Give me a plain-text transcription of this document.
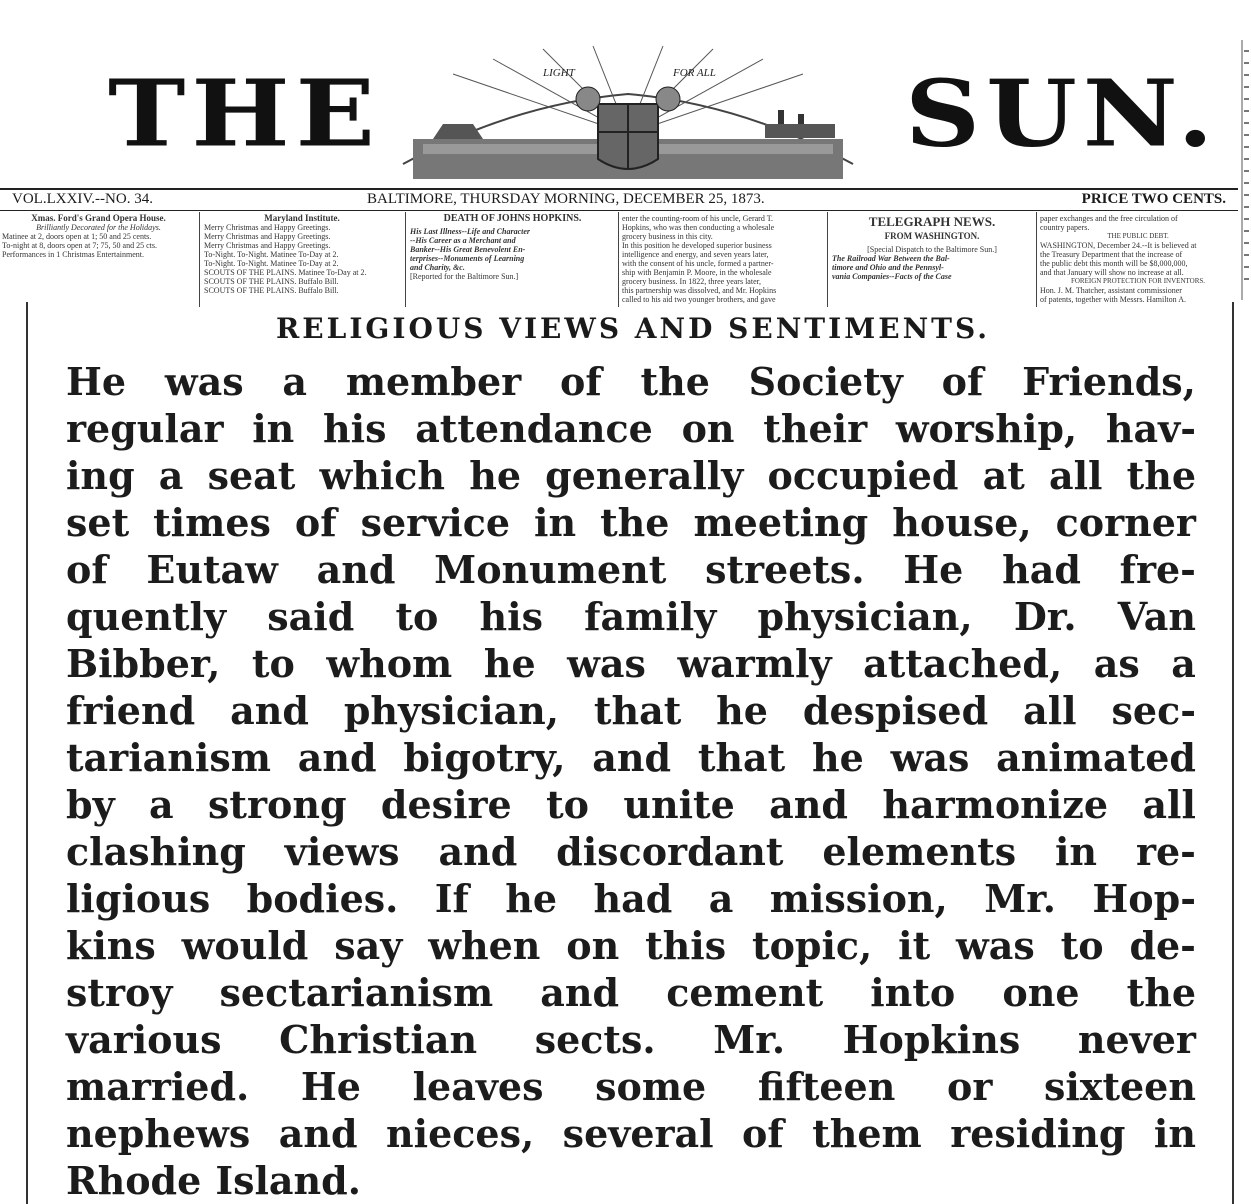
THE	LIGHT	FOR ALL SUN.
VOL.LXXIV.--NO. 34.	BALTIMORE, THURSDAY MORNING, DECEMBER 25, 1873.	PRICE TWO CENTS.
Xmas. Ford's Grand Opera House.
Brilliantly Decorated for the Holidays.
Matinee at 2, doors open at 1; 50 and 25 cents.
To-night at 8, doors open at 7; 75, 50 and 25 cts.
Performances in 1 Christmas Entertainment.
Maryland Institute.
Merry Christmas and Happy Greetings.
Merry Christmas and Happy Greetings.
Merry Christmas and Happy Greetings.
To-Night. To-Night. Matinee To-Day at 2.
To-Night. To-Night. Matinee To-Day at 2.
SCOUTS OF THE PLAINS. Matinee To-Day at 2.
SCOUTS OF THE PLAINS. Buffalo Bill.
SCOUTS OF THE PLAINS. Buffalo Bill.
DEATH OF JOHNS HOPKINS.
His Last Illness--Life and Character
--His Career as a Merchant and
Banker--His Great Benevolent En-
terprises--Monuments of Learning
and Charity, &c.
[Reported for the Baltimore Sun.]
enter the counting-room of his uncle, Gerard T.
Hopkins, who was then conducting a wholesale
grocery business in this city.
In this position he developed superior business
intelligence and energy, and seven years later,
with the consent of his uncle, formed a partner-
ship with Benjamin P. Moore, in the wholesale
grocery business. In 1822, three years later,
this partnership was dissolved, and Mr. Hopkins
called to his aid two younger brothers, and gave
TELEGRAPH NEWS.
FROM WASHINGTON.
[Special Dispatch to the Baltimore Sun.]
The Railroad War Between the Bal-
timore and Ohio and the Pennsyl-
vania Companies--Facts of the Case
paper exchanges and the free circulation of
country papers.
THE PUBLIC DEBT.
WASHINGTON, December 24.--It is believed at
the Treasury Department that the increase of
the public debt this month will be $8,000,000,
and that January will show no increase at all.
FOREIGN PROTECTION FOR INVENTORS.
Hon. J. M. Thatcher, assistant commissioner
of patents, together with Messrs. Hamilton A.
RELIGIOUS VIEWS AND SENTIMENTS.
He was a member of the Society of Friends,
regular in his attendance on their worship, hav-
ing a seat which he generally occupied at all the
set times of service in the meeting house, corner
of Eutaw and Monument streets. He had fre-
quently said to his family physician, Dr. Van
Bibber, to whom he was warmly attached, as a
friend and physician, that he despised all sec-
tarianism and bigotry, and that he was animated
by a strong desire to unite and harmonize all
clashing views and discordant elements in re-
ligious bodies. If he had a mission, Mr. Hop-
kins would say when on this topic, it was to de-
stroy sectarianism and cement into one the
various Christian sects. Mr. Hopkins never
married. He leaves some fifteen or sixteen
nephews and nieces, several of them residing in
Rhode Island.
